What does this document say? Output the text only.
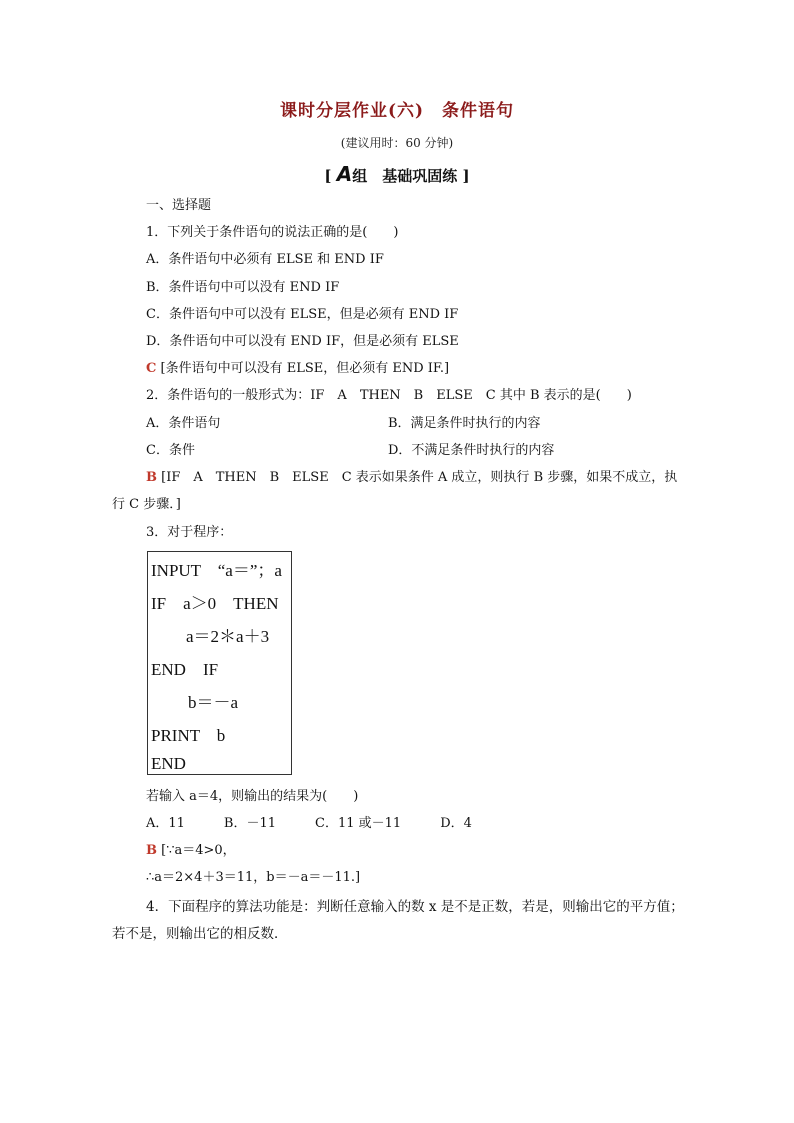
课时分层作业(六) 条件语句
(建议用时：60 分钟)
[ A组　基础巩固练 ]
一、选择题
1．下列关于条件语句的说法正确的是(　　)
A．条件语句中必须有 ELSE 和 END IF
B．条件语句中可以没有 END IF
C．条件语句中可以没有 ELSE，但是必须有 END IF
D．条件语句中可以没有 END IF，但是必须有 ELSE
C [条件语句中可以没有 ELSE，但必须有 END IF.]
2．条件语句的一般形式为：IF　A　THEN　B　ELSE　C 其中 B 表示的是(　　)
A．条件语句	B．满足条件时执行的内容
C．条件	D．不满足条件时执行的内容
B [IF　A　THEN　B　ELSE　C 表示如果条件 A 成立，则执行 B 步骤，如果不成立，执
行 C 步骤．]
3．对于程序：
INPUT　“a＝”；a
IF　a＞0　THEN
a＝2＊a＋3
END　IF
b＝－a
PRINT　b
END
若输入 a＝4，则输出的结果为(　　)
A．11　　　B．－11　　　C．11 或－11　　　D．4
B [∵a＝4>0，
∴a＝2×4＋3＝11，b＝－a＝－11.]
4．下面程序的算法功能是：判断任意输入的数 x 是不是正数，若是，则输出它的平方值；
若不是，则输出它的相反数．
